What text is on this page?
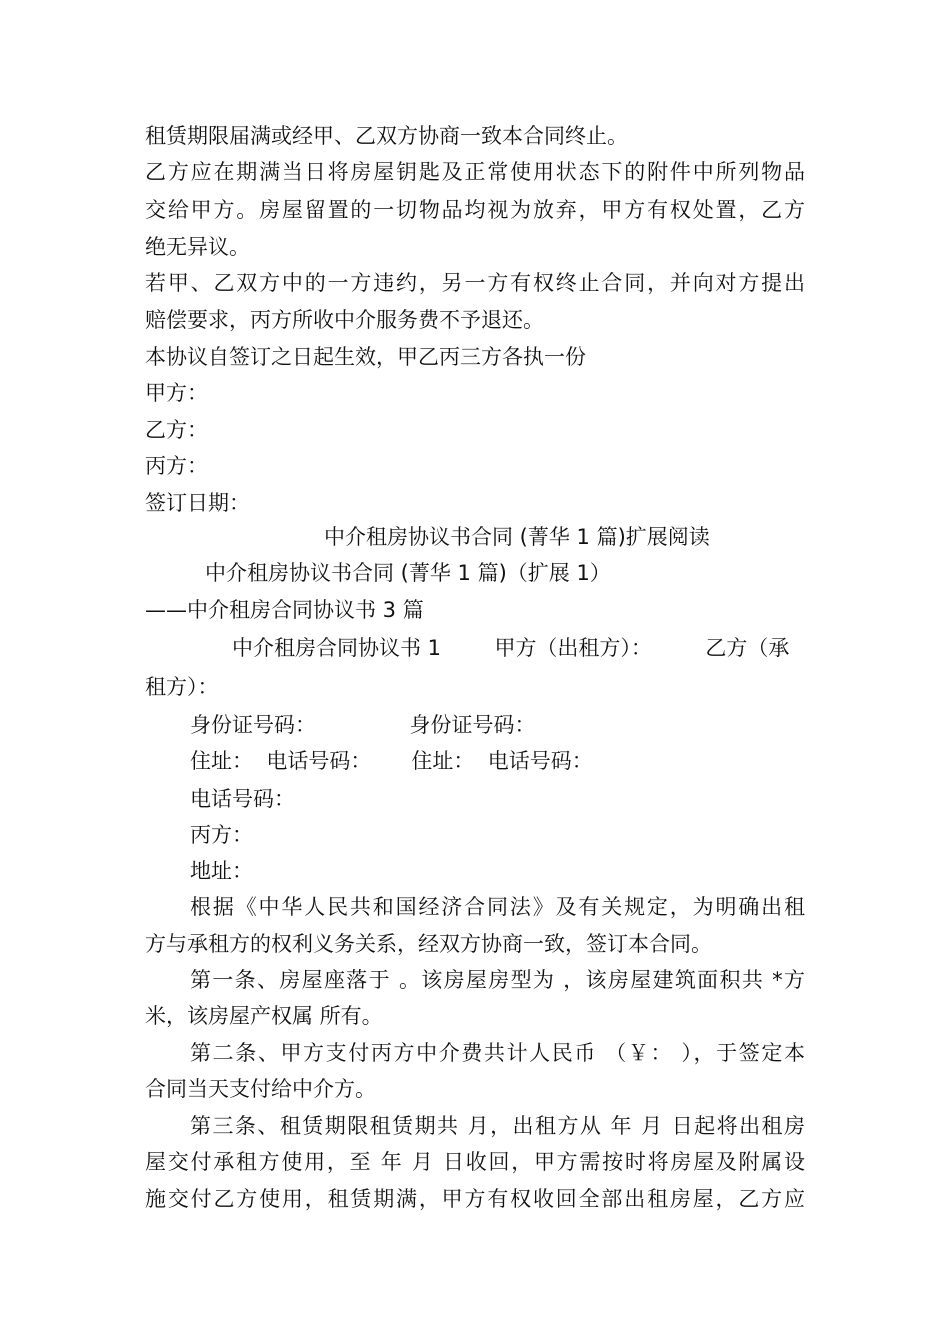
租赁期限届满或经甲、乙双方协商一致本合同终止。
乙方应在期满当日将房屋钥匙及正常使用状态下的附件中所列物品
交给甲方。房屋留置的一切物品均视为放弃，甲方有权处置，乙方
绝无异议。
若甲、乙双方中的一方违约，另一方有权终止合同，并向对方提出
赔偿要求，丙方所收中介服务费不予退还。
本协议自签订之日起生效，甲乙丙三方各执一份
甲方：
乙方：
丙方：
签订日期：
中介租房协议书合同 (菁华 1 篇)扩展阅读
中介租房协议书合同 (菁华 1 篇)（扩展 1）
——中介租房合同协议书 3 篇
中介租房合同协议书 1        甲方（出租方）：        乙方（承
租方）：
身份证号码：              身份证号码：
住址：  电话号码：      住址：  电话号码：
电话号码：
丙方：
地址：
根据《中华人民共和国经济合同法》及有关规定，为明确出租
方与承租方的权利义务关系，经双方协商一致，签订本合同。
第一条、房屋座落于 。该房屋房型为 ，该房屋建筑面积共 *方
米，该房屋产权属 所有。
第二条、甲方支付丙方中介费共计人民币 （￥： ），于签定本
合同当天支付给中介方。
第三条、租赁期限租赁期共 月，出租方从 年 月 日起将出租房
屋交付承租方使用，至 年 月 日收回，甲方需按时将房屋及附属设
施交付乙方使用，租赁期满，甲方有权收回全部出租房屋，乙方应
